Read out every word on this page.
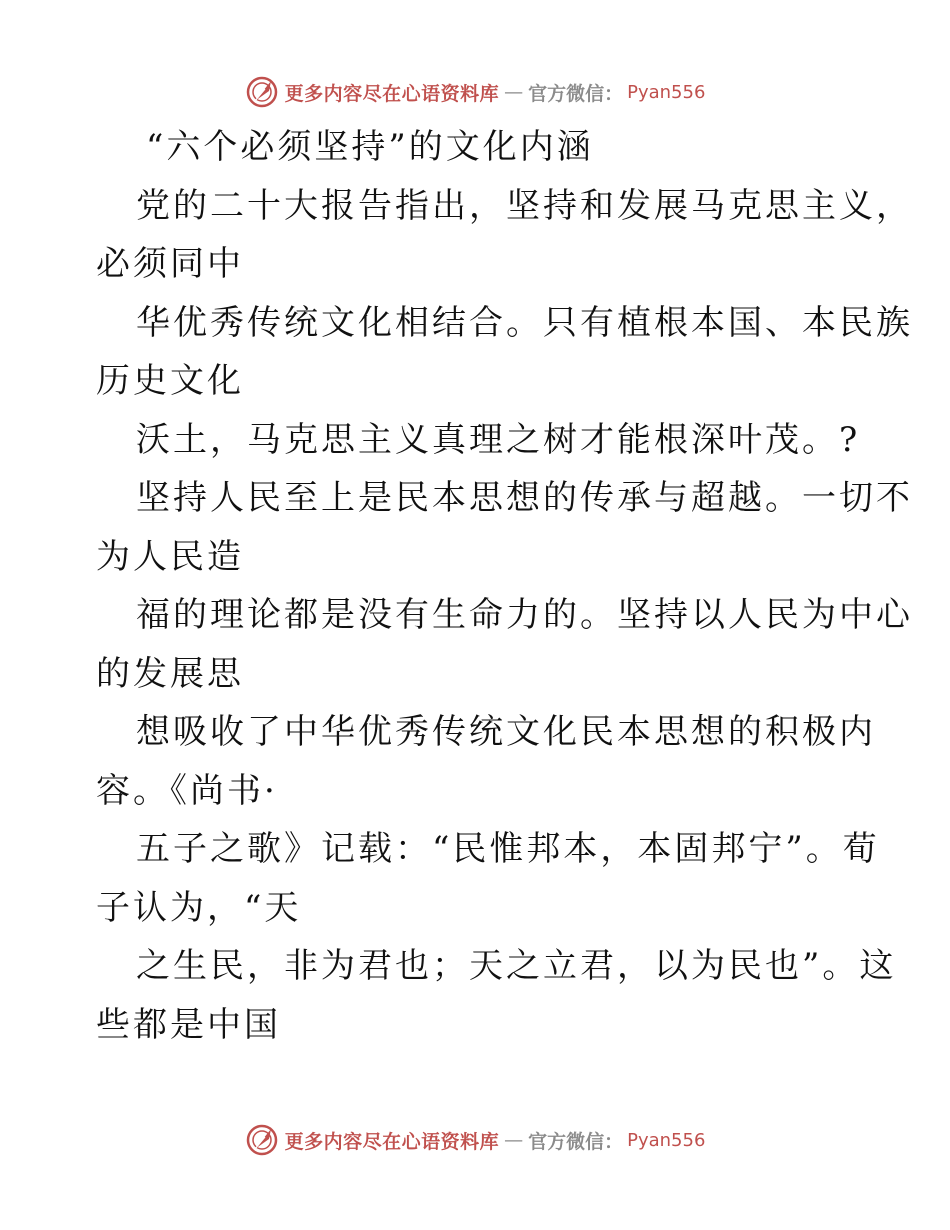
更多内容尽在心语资料库 — 官方微信： Pyan556
“六个必须坚持”的文化内涵
党的二十大报告指出，坚持和发展马克思主义，
必须同中
华优秀传统文化相结合。只有植根本国、本民族
历史文化
沃土，马克思主义真理之树才能根深叶茂。?
坚持人民至上是民本思想的传承与超越。一切不
为人民造
福的理论都是没有生命力的。坚持以人民为中心
的发展思
想吸收了中华优秀传统文化民本思想的积极内
容。《尚书·
五子之歌》记载：“民惟邦本，本固邦宁”。荀
子认为，“天
之生民，非为君也；天之立君，以为民也”。这
些都是中国
更多内容尽在心语资料库 — 官方微信： Pyan556
